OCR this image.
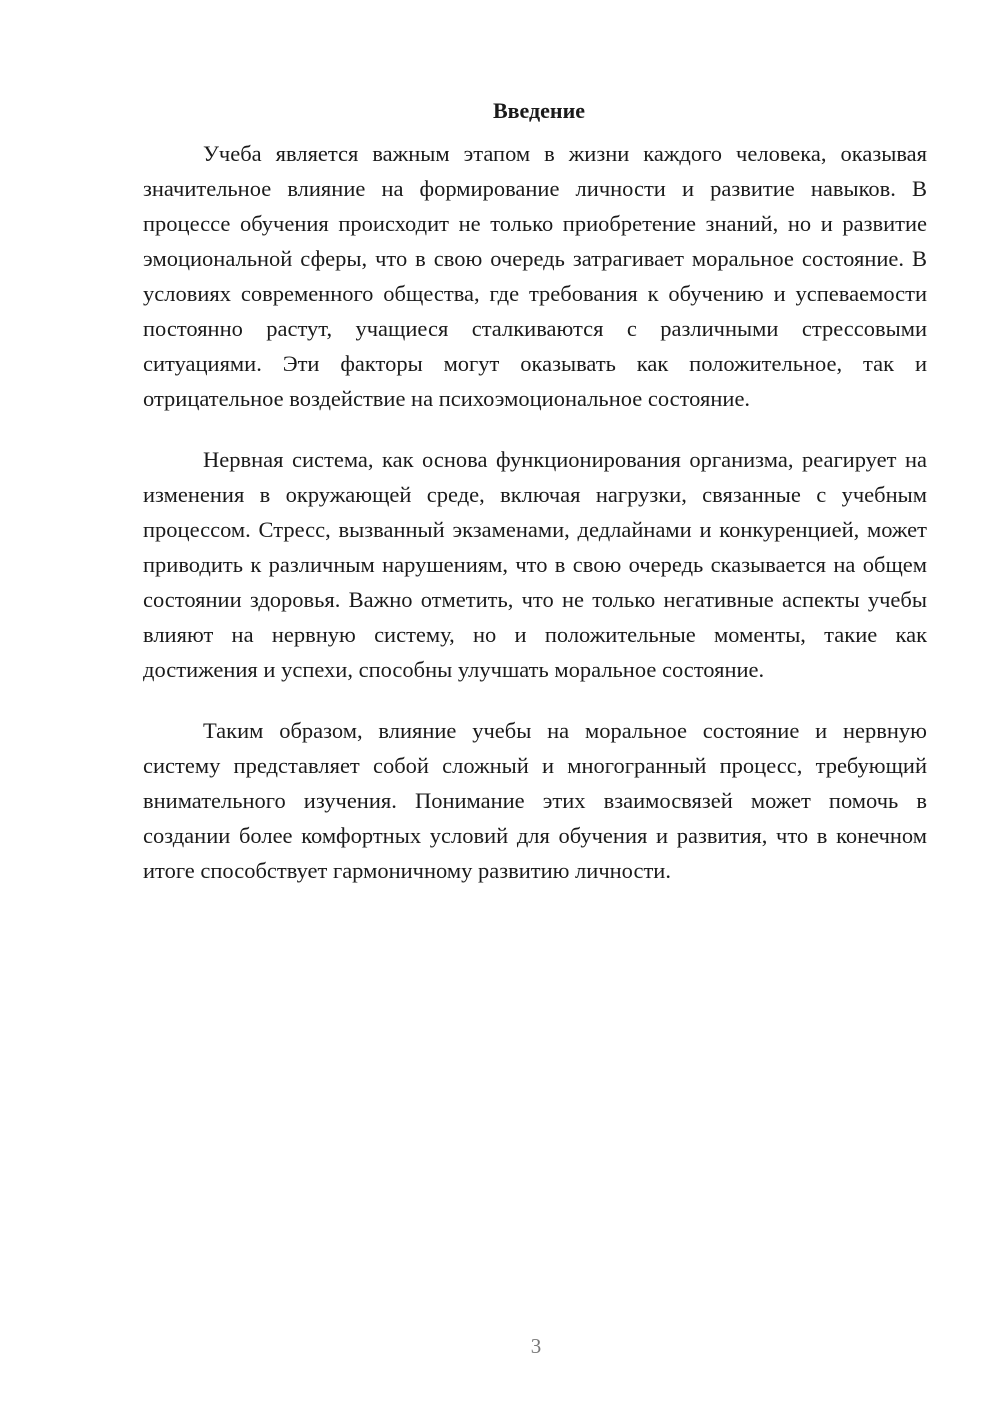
Введение

Учеба является важным этапом в жизни каждого человека, оказывая значительное влияние на формирование личности и развитие навыков. В процессе обучения происходит не только приобретение знаний, но и развитие эмоциональной сферы, что в свою очередь затрагивает моральное состояние. В условиях современного общества, где требования к обучению и успеваемости постоянно растут, учащиеся сталкиваются с различными стрессовыми ситуациями. Эти факторы могут оказывать как положительное, так и отрицательное воздействие на психоэмоциональное состояние.

Нервная система, как основа функционирования организма, реагирует на изменения в окружающей среде, включая нагрузки, связанные с учебным процессом. Стресс, вызванный экзаменами, дедлайнами и конкуренцией, может приводить к различным нарушениям, что в свою очередь сказывается на общем состоянии здоровья. Важно отметить, что не только негативные аспекты учебы влияют на нервную систему, но и положительные моменты, такие как достижения и успехи, способны улучшать моральное состояние.

Таким образом, влияние учебы на моральное состояние и нервную систему представляет собой сложный и многогранный процесс, требующий внимательного изучения. Понимание этих взаимосвязей может помочь в создании более комфортных условий для обучения и развития, что в конечном итоге способствует гармоничному развитию личности.

3
